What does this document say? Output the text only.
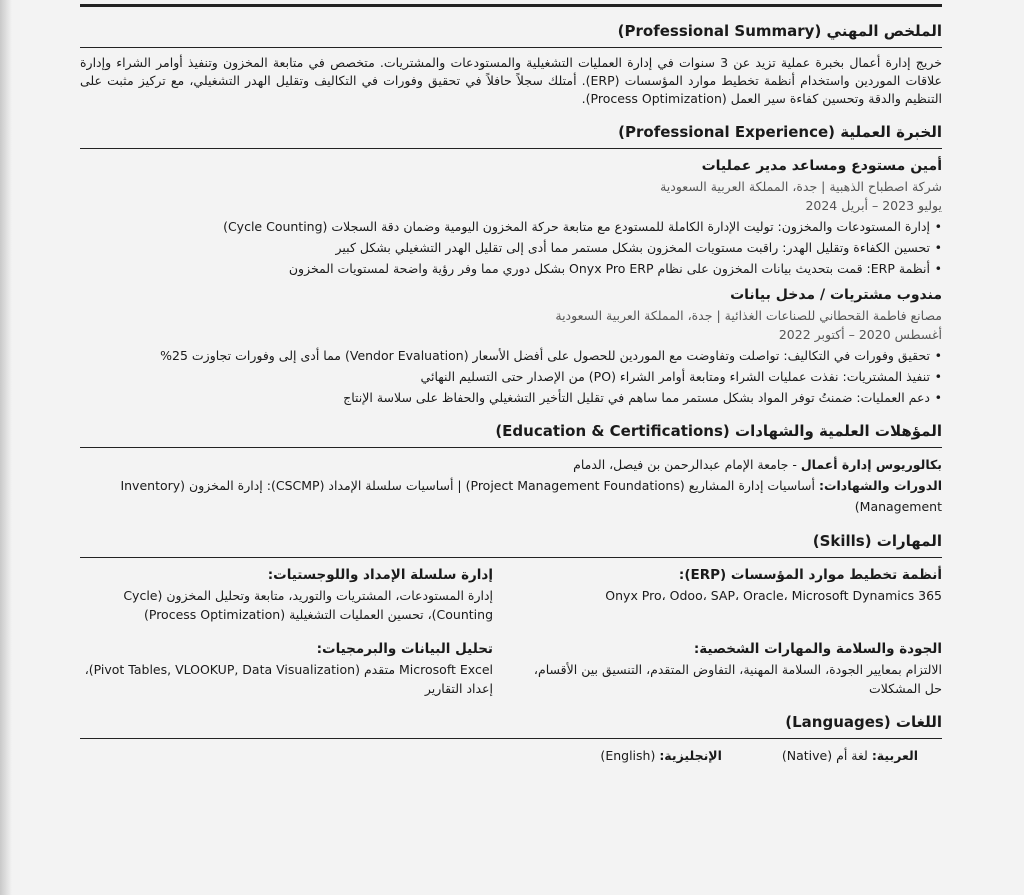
الملخص المهني (Professional Summary)

خريج إدارة أعمال بخبرة عملية تزيد عن 3 سنوات في إدارة العمليات التشغيلية والمستودعات والمشتريات. متخصص في متابعة المخزون وتنفيذ أوامر الشراء وإدارة علاقات الموردين واستخدام أنظمة تخطيط موارد المؤسسات (ERP). أمتلك سجلاً حافلاً في تحقيق وفورات في التكاليف وتقليل الهدر التشغيلي، مع تركيز مثبت على التنظيم والدقة وتحسين كفاءة سير العمل (Process Optimization).

الخبرة العملية (Professional Experience)
أمين مستودع ومساعد مدير عمليات
شركة اصطباح الذهبية | جدة، المملكة العربية السعودية
يوليو 2023 – أبريل 2024
• إدارة المستودعات والمخزون: توليت الإدارة الكاملة للمستودع مع متابعة حركة المخزون اليومية وضمان دقة السجلات (Cycle Counting)
• تحسين الكفاءة وتقليل الهدر: راقبت مستويات المخزون بشكل مستمر مما أدى إلى تقليل الهدر التشغيلي بشكل كبير
• أنظمة ERP: قمت بتحديث بيانات المخزون على نظام Onyx Pro ERP بشكل دوري مما وفر رؤية واضحة لمستويات المخزون
مندوب مشتريات / مدخل بيانات
مصانع فاطمة القحطاني للصناعات الغذائية | جدة، المملكة العربية السعودية
أغسطس 2020 – أكتوبر 2022
• تحقيق وفورات في التكاليف: تواصلت وتفاوضت مع الموردين للحصول على أفضل الأسعار (Vendor Evaluation) مما أدى إلى وفورات تجاوزت 25%
• تنفيذ المشتريات: نفذت عمليات الشراء ومتابعة أوامر الشراء (PO) من الإصدار حتى التسليم النهائي
• دعم العمليات: ضمنتُ توفر المواد بشكل مستمر مما ساهم في تقليل التأخير التشغيلي والحفاظ على سلاسة الإنتاج
المؤهلات العلمية والشهادات (Education & Certifications)
بكالوريوس إدارة أعمال - جامعة الإمام عبدالرحمن بن فيصل، الدمام
الدورات والشهادات: أساسيات إدارة المشاريع (Project Management Foundations) | أساسيات سلسلة الإمداد (CSCMP): إدارة المخزون (Inventory Management)
المهارات (Skills)
أنظمة تخطيط موارد المؤسسات (ERP):
Onyx Pro، Odoo، SAP، Oracle، Microsoft Dynamics 365
إدارة سلسلة الإمداد واللوجستيات:
إدارة المستودعات، المشتريات والتوريد، متابعة وتحليل المخزون (Cycle Counting)، تحسين العمليات التشغيلية (Process Optimization)
الجودة والسلامة والمهارات الشخصية:
الالتزام بمعايير الجودة، السلامة المهنية، التفاوض المتقدم، التنسيق بين الأقسام، حل المشكلات
تحليل البيانات والبرمجيات:
Microsoft Excel متقدم (Pivot Tables, VLOOKUP, Data Visualization)، إعداد التقارير
اللغات (Languages)
العربية: لغة أم (Native)
الإنجليزية: (English)
